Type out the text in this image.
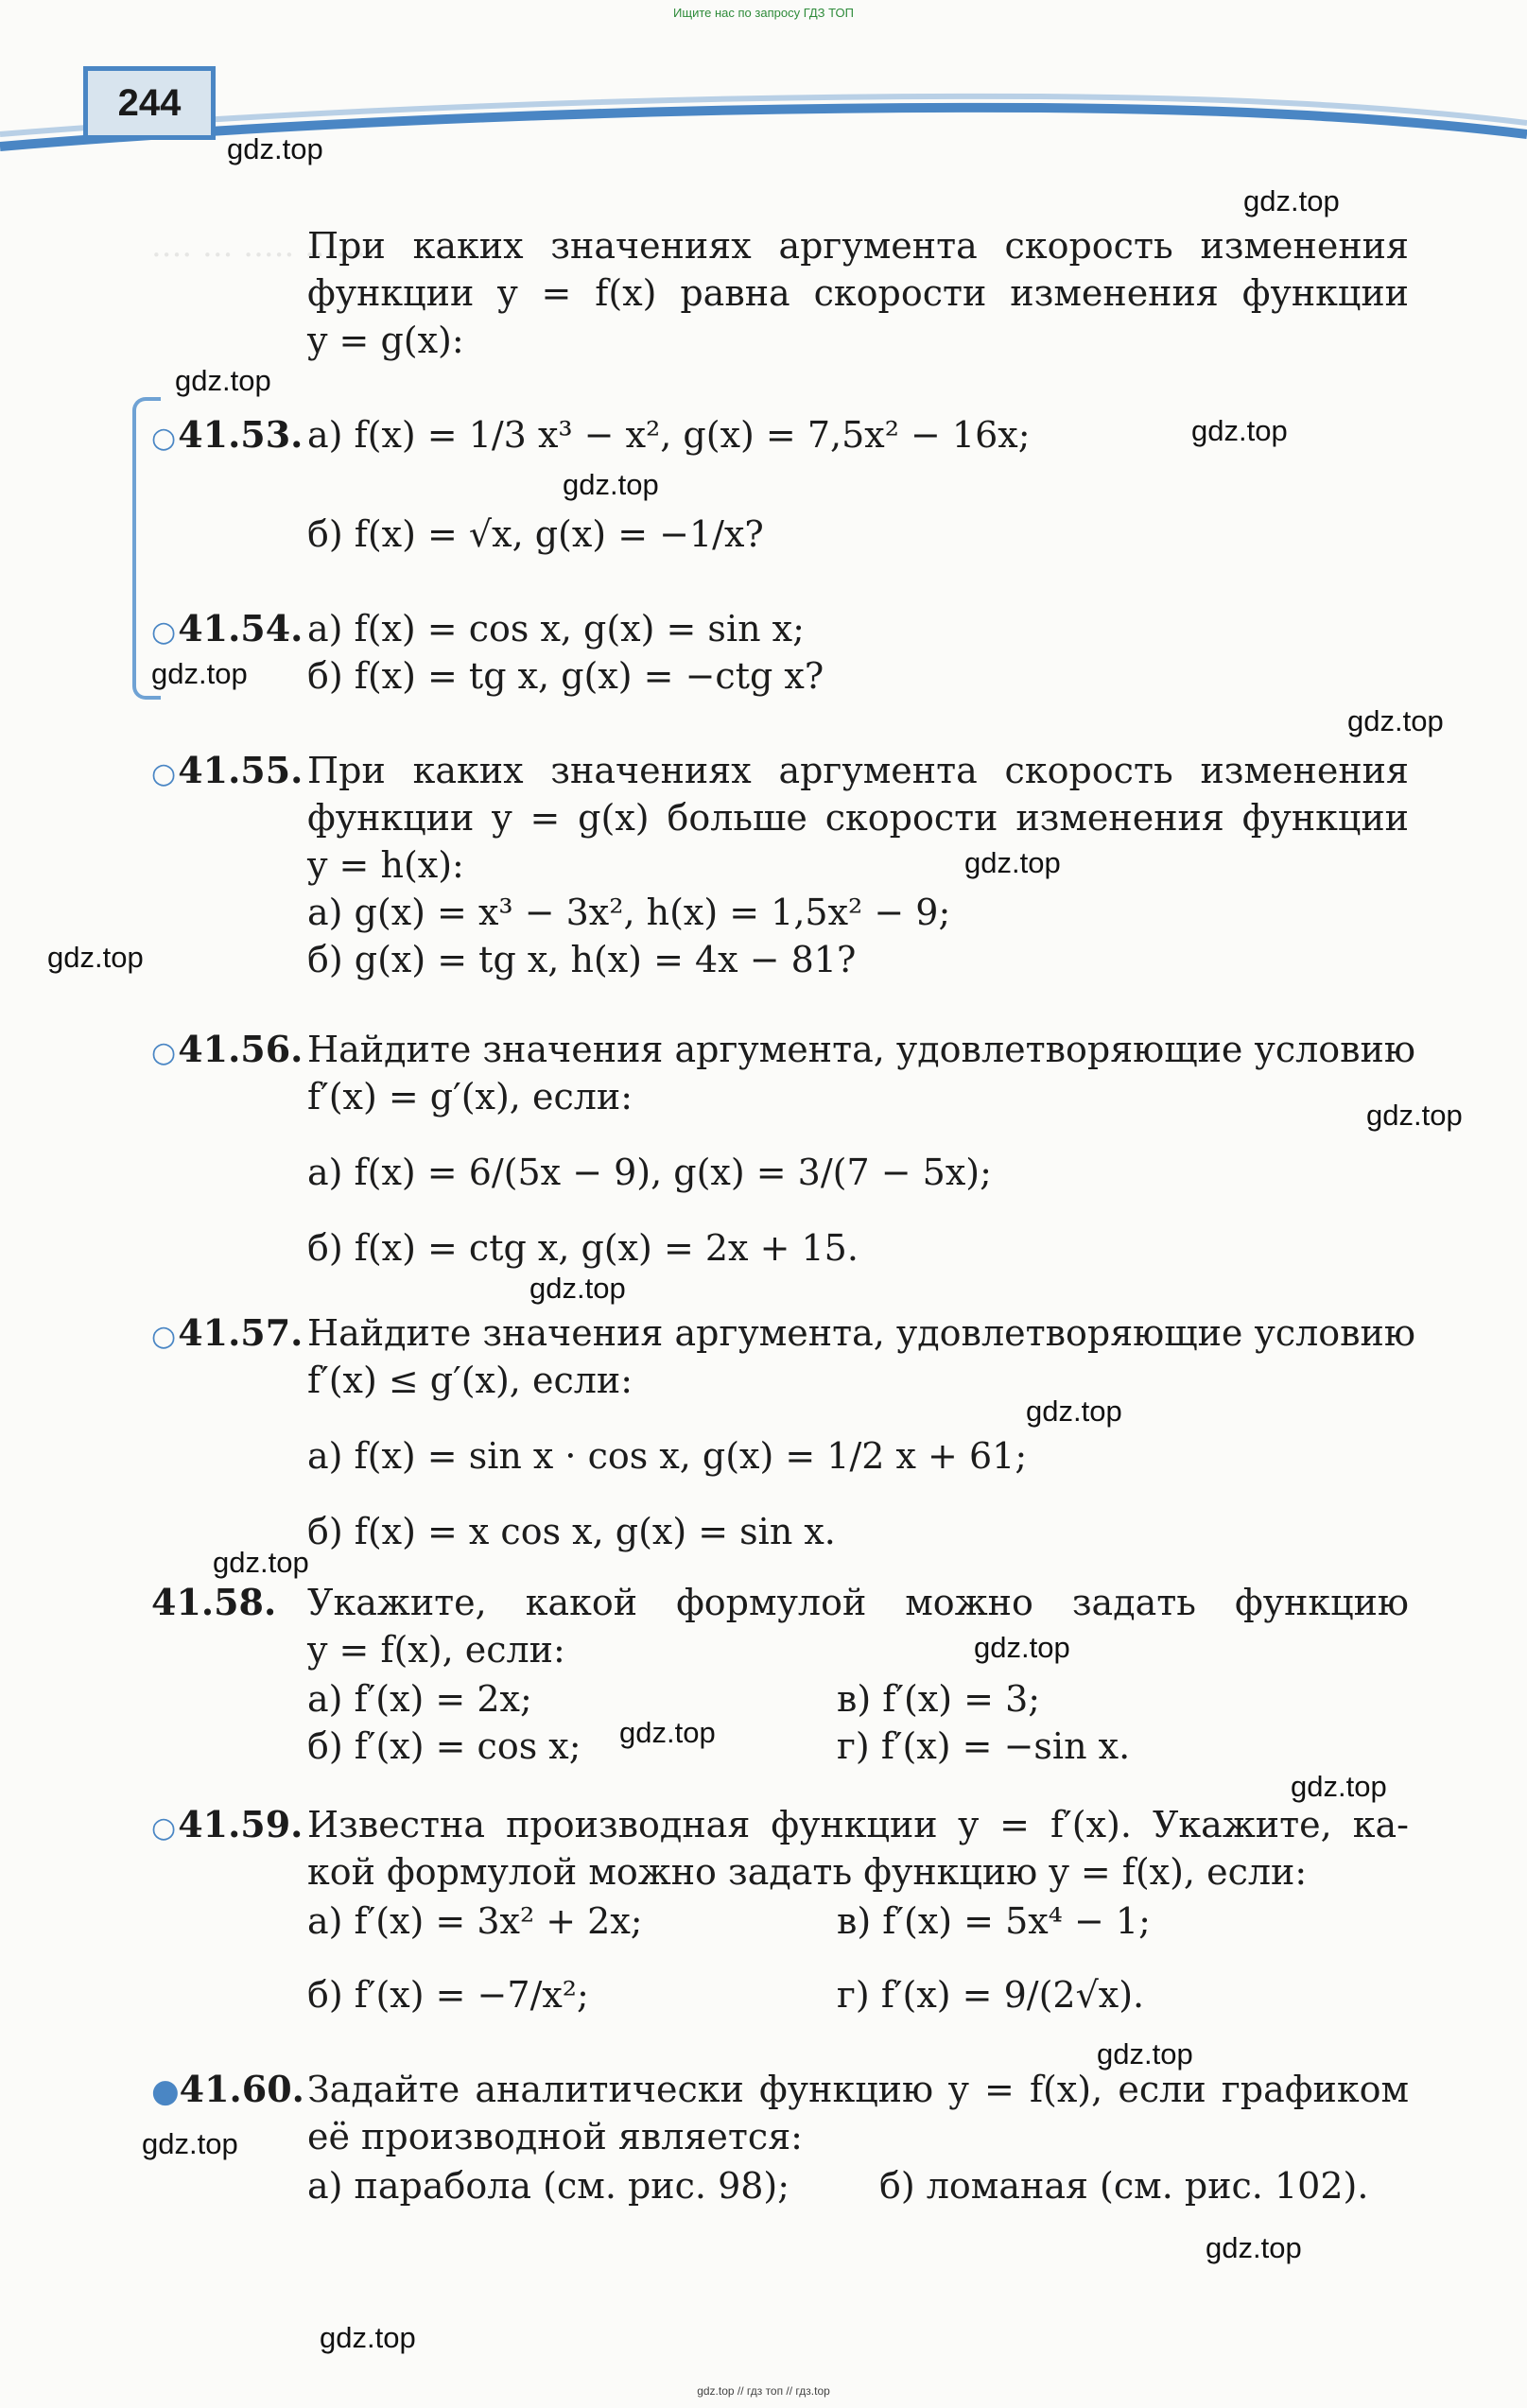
···· ··· ····· ·······
Ищите нас по запросу ГДЗ ТОП
244
При каких значениях аргумента скорость изменения
функции y = f(x) равна скорости изменения функции
y = g(x):
○41.53. а) f(x) = 1/3 x³ − x², g(x) = 7,5x² − 16x;
б) f(x) = √x, g(x) = −1/x?
○41.54. а) f(x) = cos x, g(x) = sin x;
б) f(x) = tg x, g(x) = −ctg x?
○41.55. При каких значениях аргумента скорость изменения
функции y = g(x) больше скорости изменения функции
y = h(x):
а) g(x) = x³ − 3x², h(x) = 1,5x² − 9;
б) g(x) = tg x, h(x) = 4x − 81?
○41.56. Найдите значения аргумента, удовлетворяющие условию
f′(x) = g′(x), если:
а) f(x) = 6/(5x − 9), g(x) = 3/(7 − 5x);
б) f(x) = ctg x, g(x) = 2x + 15.
○41.57. Найдите значения аргумента, удовлетворяющие условию
f′(x) ≤ g′(x), если:
а) f(x) = sin x · cos x, g(x) = 1/2 x + 61;
б) f(x) = x cos x, g(x) = sin x.
41.58. Укажите, какой формулой можно задать функцию
y = f(x), если:
а) f′(x) = 2x;	в) f′(x) = 3;
б) f′(x) = cos x;	г) f′(x) = −sin x.
○41.59. Известна производная функции y = f′(x). Укажите, ка-
кой формулой можно задать функцию y = f(x), если:
а) f′(x) = 3x² + 2x;	в) f′(x) = 5x⁴ − 1;
б) f′(x) = −7/x²;	г) f′(x) = 9/(2√x).
●41.60. Задайте аналитически функцию y = f(x), если графиком
её производной является:
а) парабола (см. рис. 98); б) ломаная (см. рис. 102).
gdz.top
gdz.top
gdz.top
gdz.top
gdz.top
gdz.top
gdz.top
gdz.top
gdz.top
gdz.top
gdz.top
gdz.top
gdz.top
gdz.top
gdz.top
gdz.top
gdz.top
gdz.top
gdz.top
gdz.top
gdz.top // гдз топ // гдз.top
